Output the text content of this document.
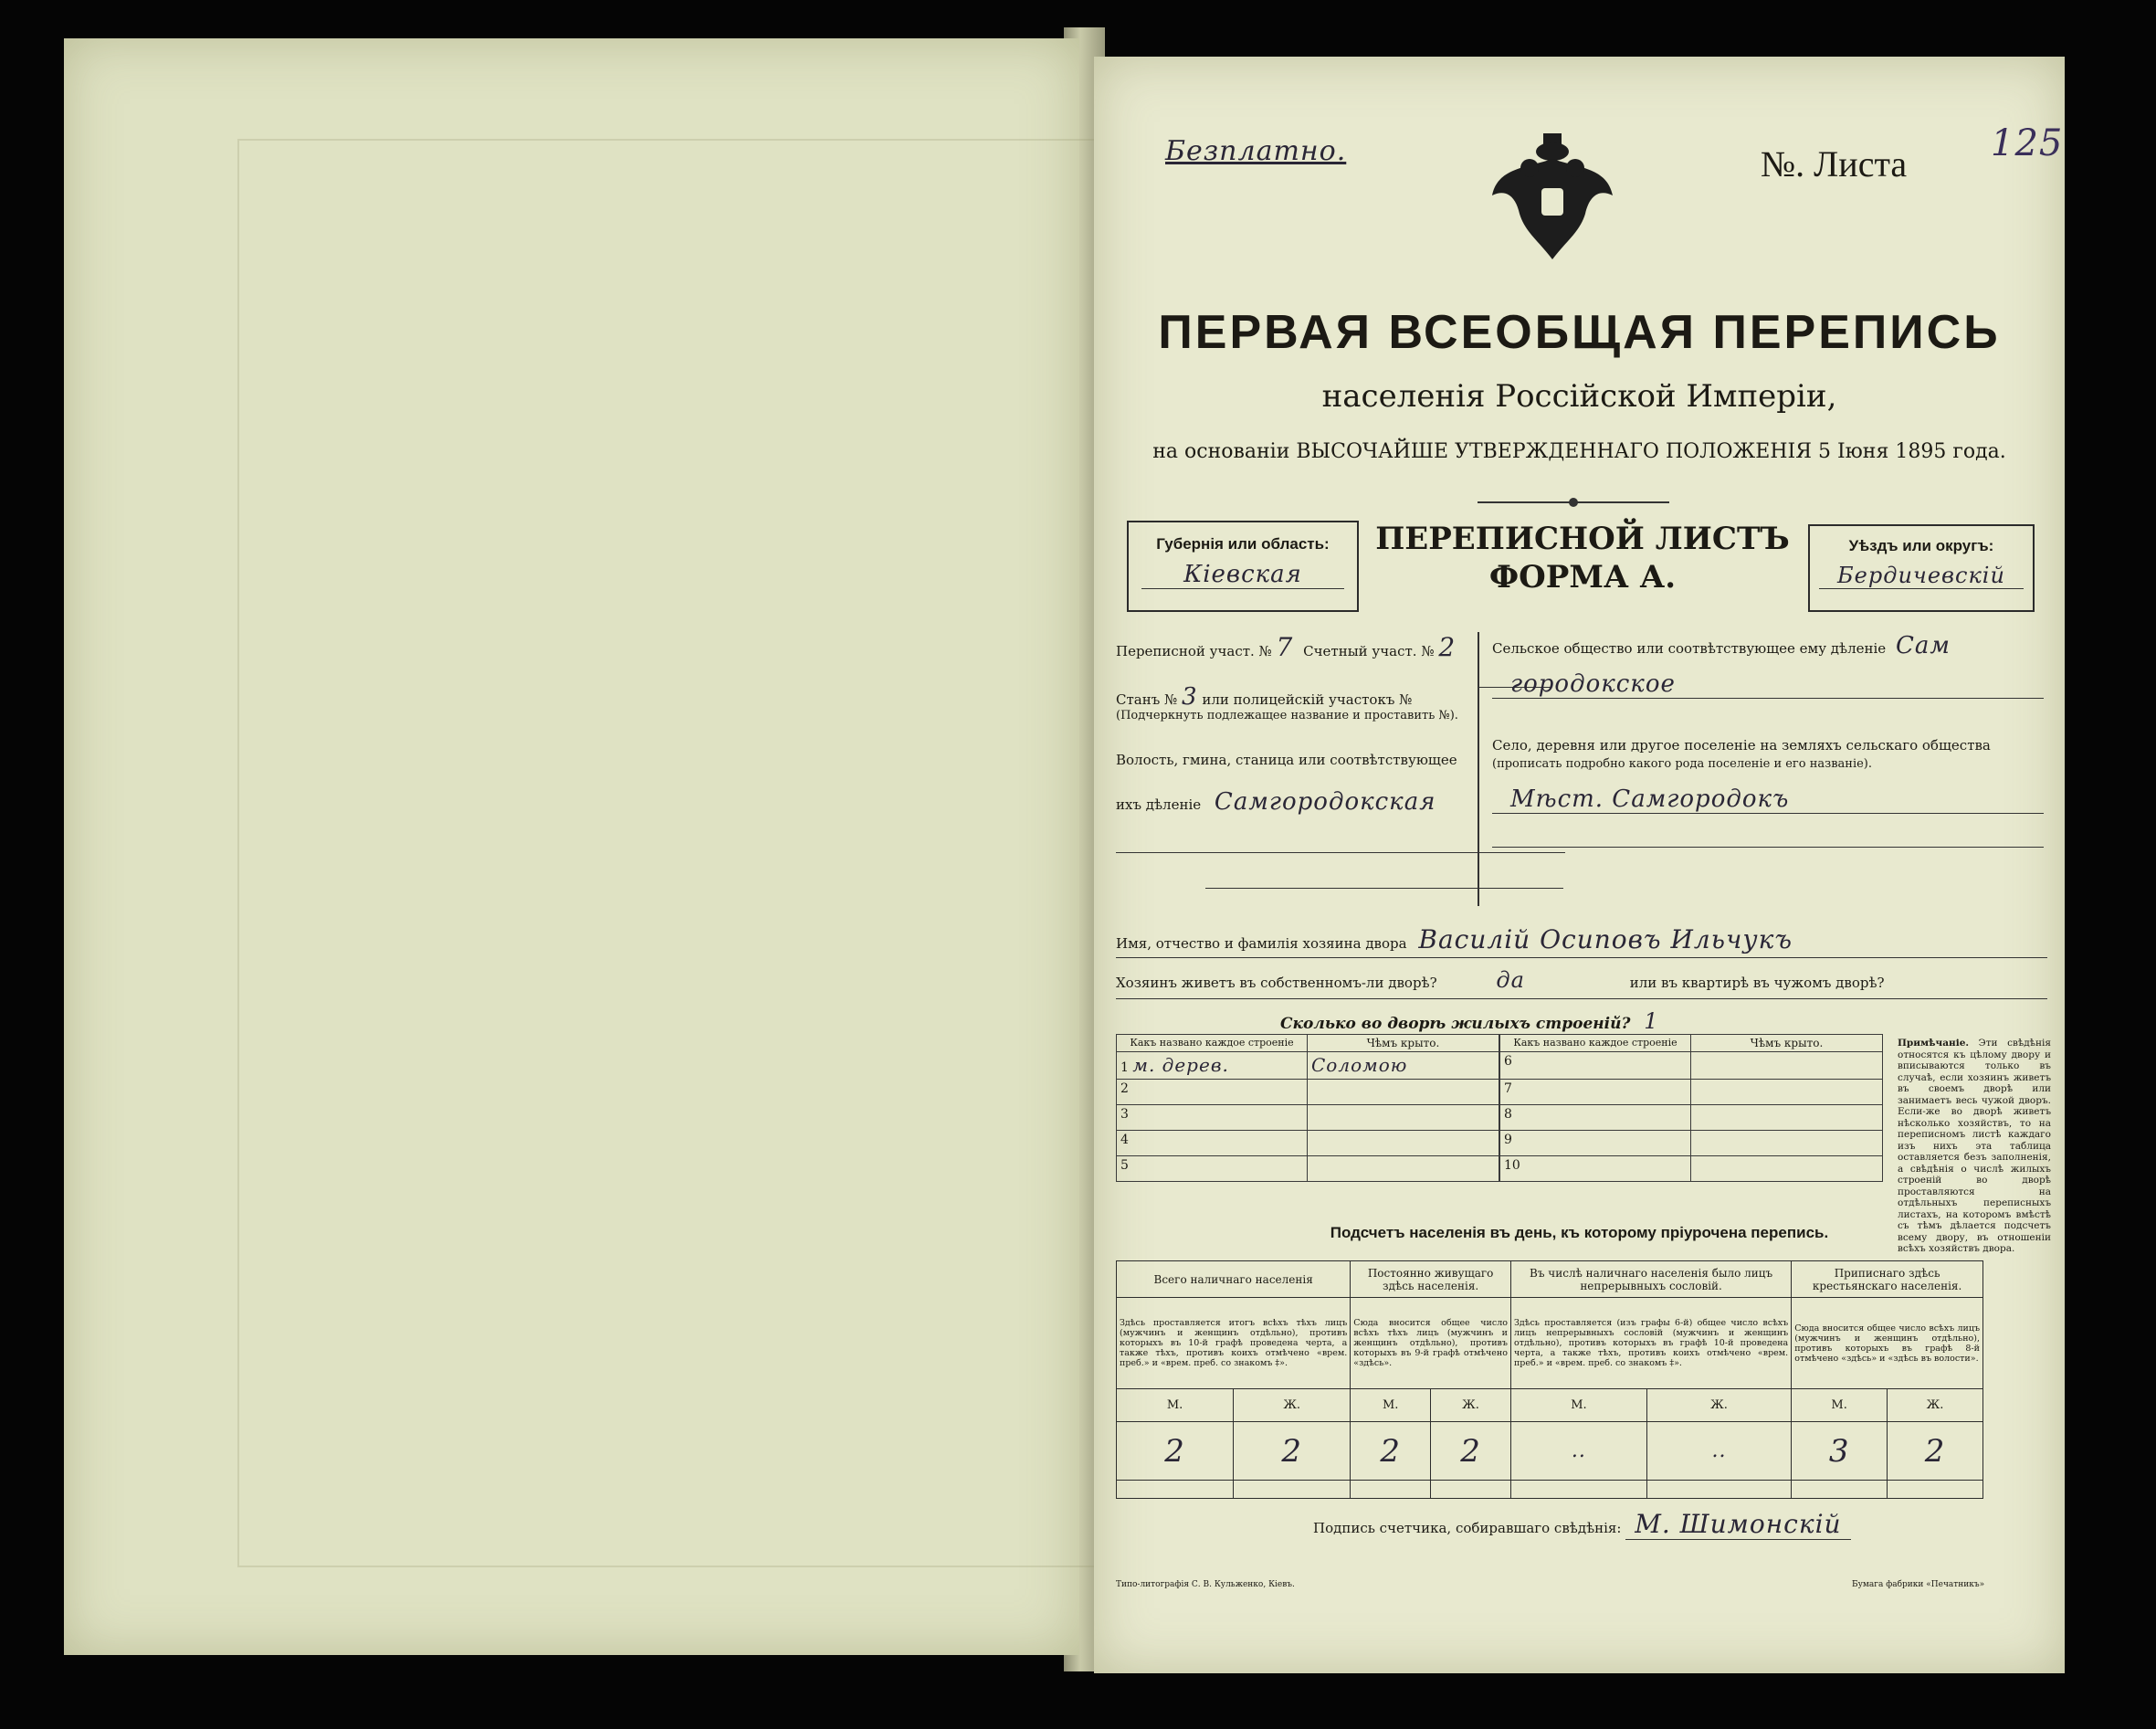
Безплатно.	№. Листа 125
ПЕРВАЯ ВСЕОБЩАЯ ПЕРЕПИСЬ
населенія Россійской Имперіи,
на основаніи ВЫСОЧАЙШЕ УТВЕРЖДЕННАГО ПОЛОЖЕНІЯ 5 Іюня 1895 года.
Губернія или область:
Кіевская
ПЕРЕПИСНОЙ ЛИСТЪ
ФОРМА А.
Уѣздъ или округъ:
Бердичевскій
Переписной участ. № 7 Счетный участ. № 2
Станъ № 3 или полицейскій участокъ №
(Подчеркнуть подлежащее название и проставить №).
Волость, гмина, станица или соотвѣтствующее
ихъ дѣленіе Самгородокская
Сельское общество или соотвѣтствующее ему дѣленіе Сам
городокское
Село, деревня или другое поселеніе на земляхъ сельскаго общества
(прописать подробно какого рода поселеніе и его названіе).
Мѣст. Самгородокъ
Имя, отчество и фамилія хозяина двора Василій Осиповъ Ильчукъ
Хозяинъ живетъ въ собственномъ-ли дворѣ?	да	или въ квартирѣ въ чужомъ дворѣ?
Сколько во дворѣ жилыхъ строеній? 1
Какъ названо каждое строеніе	Чѣмъ крыто.
1 м. дерев.	Соломою
2	
3	
4	
5	
Какъ названо каждое строеніе	Чѣмъ крыто.
6	
7	
8	
9	
10	
Примѣчаніе. Эти свѣдѣнія относятся къ цѣлому двору и вписываются только въ случаѣ, если хозяинъ живетъ въ своемъ дворѣ или занимаетъ весь чужой дворъ. Если-же во дворѣ живетъ нѣсколько хозяйствъ, то на переписномъ листѣ каждаго изъ нихъ эта таблица оставляется безъ заполненія, а свѣдѣнія о числѣ жилыхъ строеній во дворѣ проставляются на отдѣльныхъ переписныхъ листахъ, на которомъ вмѣстѣ съ тѣмъ дѣлается подсчетъ всему двору, въ отношеніи всѣхъ хозяйствъ двора.
Подсчетъ населенія въ день, къ которому пріурочена перепись.
Всего наличнаго населенія		Постоянно живущаго здѣсь населенія.		Въ числѣ наличнаго населенія было лицъ непрерывныхъ сословій.		Приписнаго здѣсь крестьянскаго населенія.	
Здѣсь проставляется итогъ всѣхъ тѣхъ лицъ (мужчинъ и женщинъ отдѣльно), противъ которыхъ въ 10-й графѣ проведена черта, а также тѣхъ, противъ коихъ отмѣчено «врем. преб.» и «врем. преб. со знакомъ ‡».		Сюда вносится общее число всѣхъ тѣхъ лицъ (мужчинъ и женщинъ отдѣльно), противъ которыхъ въ 9-й графѣ отмѣчено «здѣсь».		Здѣсь проставляется (изъ графы 6-й) общее число всѣхъ лицъ непрерывныхъ сословій (мужчинъ и женщинъ отдѣльно), противъ которыхъ въ графѣ 10-й проведена черта, а также тѣхъ, противъ коихъ отмѣчено «врем. преб.» и «врем. преб. со знакомъ ‡».		Сюда вносится общее число всѣхъ лицъ (мужчинъ и женщинъ отдѣльно), противъ которыхъ въ графѣ 8-й отмѣчено «здѣсь» и «здѣсь въ волости».	
М.	Ж.	М.	Ж.	М.	Ж.	М.	Ж.
2	2	2	2	..	..	3	2

Подпись счетчика, собиравшаго свѣдѣнія: М. Шимонскій
Типо-литографія С. В. Кульженко, Кіевъ.	Бумага фабрики «Печатникъ»
